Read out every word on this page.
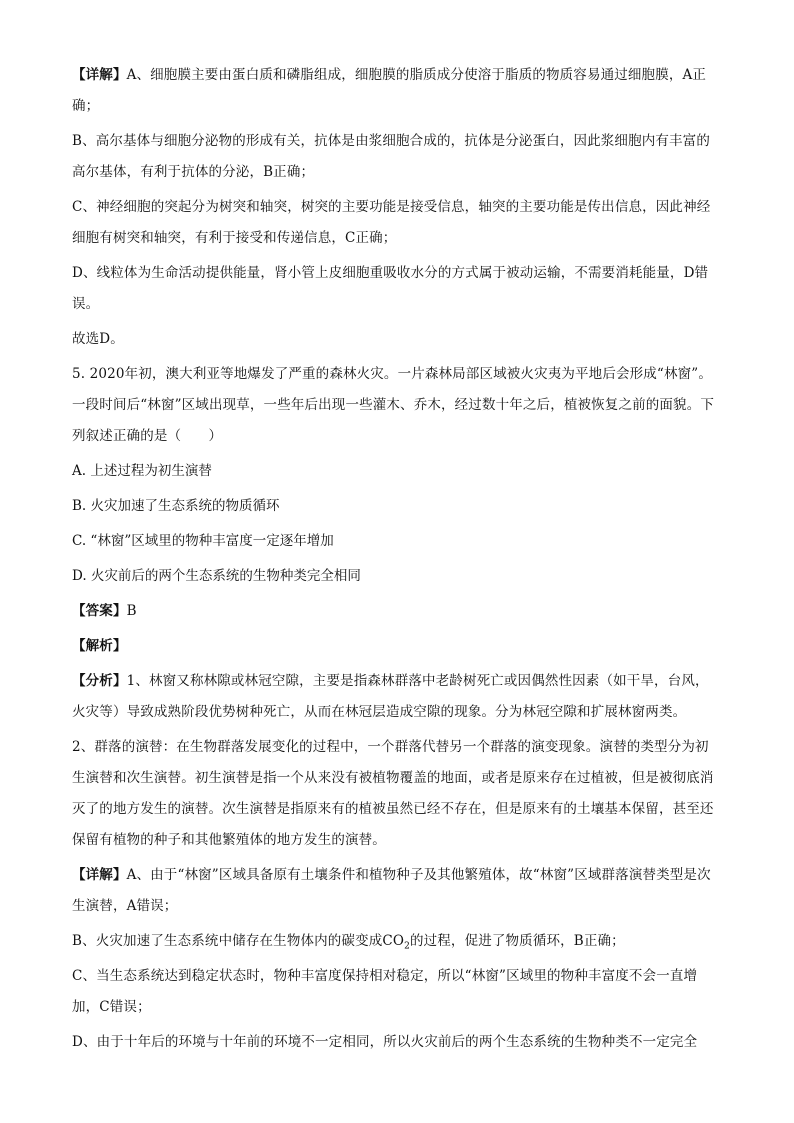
【详解】A、细胞膜主要由蛋白质和磷脂组成，细胞膜的脂质成分使溶于脂质的物质容易通过细胞膜，A正确；

B、高尔基体与细胞分泌物的形成有关，抗体是由浆细胞合成的，抗体是分泌蛋白，因此浆细胞内有丰富的高尔基体，有利于抗体的分泌，B正确；

C、神经细胞的突起分为树突和轴突，树突的主要功能是接受信息，轴突的主要功能是传出信息，因此神经细胞有树突和轴突，有利于接受和传递信息，C正确；

D、线粒体为生命活动提供能量，肾小管上皮细胞重吸收水分的方式属于被动运输，不需要消耗能量，D错误。

故选D。

5. 2020年初，澳大利亚等地爆发了严重的森林火灾。一片森林局部区域被火灾夷为平地后会形成“林窗”。一段时间后“林窗”区域出现草，一些年后出现一些灌木、乔木，经过数十年之后，植被恢复之前的面貌。下列叙述正确的是（　　）

A. 上述过程为初生演替

B. 火灾加速了生态系统的物质循环

C. “林窗”区域里的物种丰富度一定逐年增加

D. 火灾前后的两个生态系统的生物种类完全相同

【答案】B

【解析】

【分析】1、林窗又称林隙或林冠空隙，主要是指森林群落中老龄树死亡或因偶然性因素（如干旱，台风，火灾等）导致成熟阶段优势树种死亡，从而在林冠层造成空隙的现象。分为林冠空隙和扩展林窗两类。

2、群落的演替：在生物群落发展变化的过程中，一个群落代替另一个群落的演变现象。演替的类型分为初生演替和次生演替。初生演替是指一个从来没有被植物覆盖的地面，或者是原来存在过植被，但是被彻底消灭了的地方发生的演替。次生演替是指原来有的植被虽然已经不存在，但是原来有的土壤基本保留，甚至还保留有植物的种子和其他繁殖体的地方发生的演替。

【详解】A、由于“林窗”区域具备原有土壤条件和植物种子及其他繁殖体，故“林窗”区域群落演替类型是次生演替，A错误；

B、火灾加速了生态系统中储存在生物体内的碳变成$CO_2$的过程，促进了物质循环，B正确；

C、当生态系统达到稳定状态时，物种丰富度保持相对稳定，所以“林窗”区域里的物种丰富度不会一直增加，C错误；

D、由于十年后的环境与十年前的环境不一定相同，所以火灾前后的两个生态系统的生物种类不一定完全
